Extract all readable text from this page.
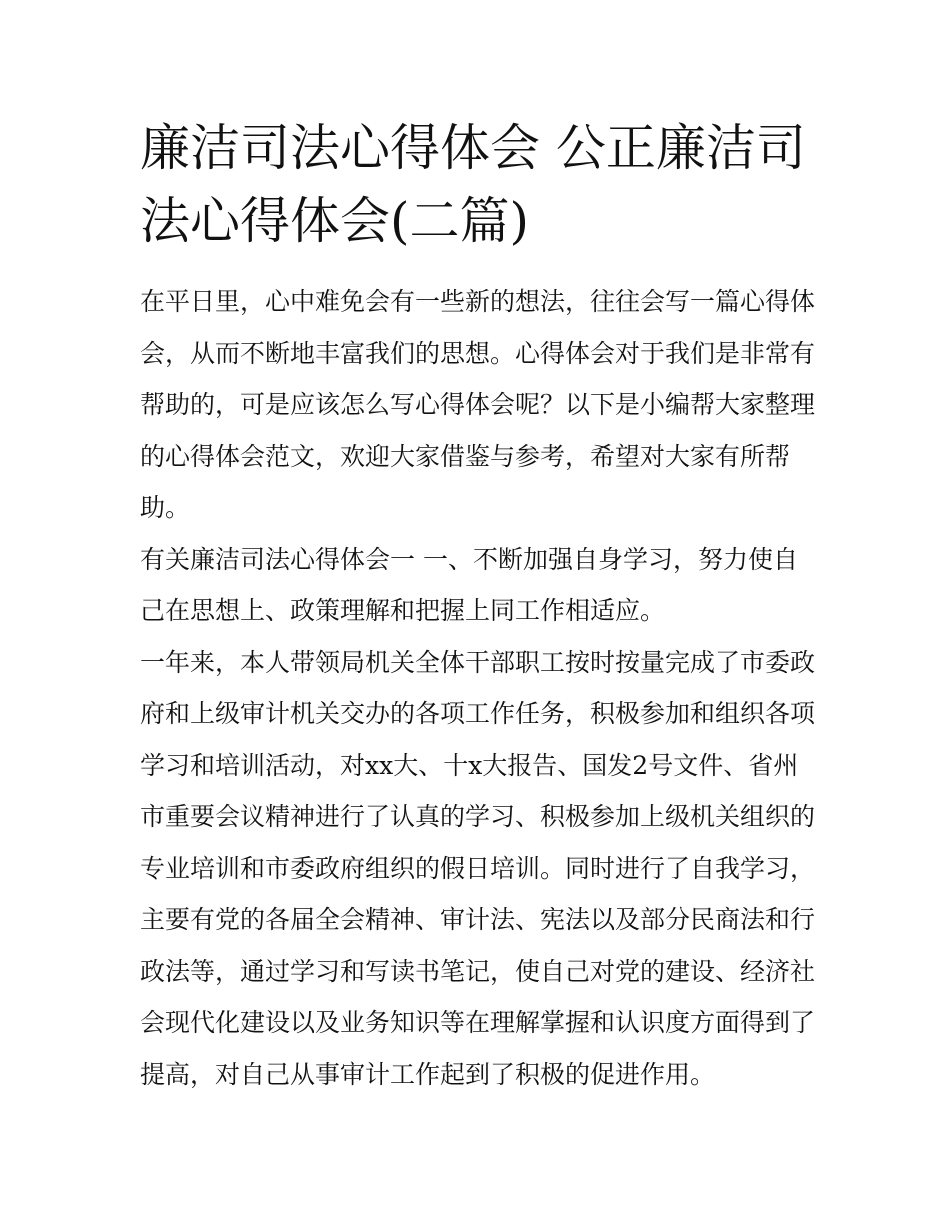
廉洁司法心得体会 公正廉洁司法心得体会(二篇)

在平日里，心中难免会有一些新的想法，往往会写一篇心得体会，从而不断地丰富我们的思想。心得体会对于我们是非常有帮助的，可是应该怎么写心得体会呢？以下是小编帮大家整理的心得体会范文，欢迎大家借鉴与参考，希望对大家有所帮助。

有关廉洁司法心得体会一 一、不断加强自身学习，努力使自己在思想上、政策理解和把握上同工作相适应。

一年来，本人带领局机关全体干部职工按时按量完成了市委政府和上级审计机关交办的各项工作任务，积极参加和组织各项学习和培训活动，对xx大、十x大报告、国发2号文件、省州市重要会议精神进行了认真的学习、积极参加上级机关组织的专业培训和市委政府组织的假日培训。同时进行了自我学习，主要有党的各届全会精神、审计法、宪法以及部分民商法和行政法等，通过学习和写读书笔记，使自己对党的建设、经济社会现代化建设以及业务知识等在理解掌握和认识度方面得到了提高，对自己从事审计工作起到了积极的促进作用。
